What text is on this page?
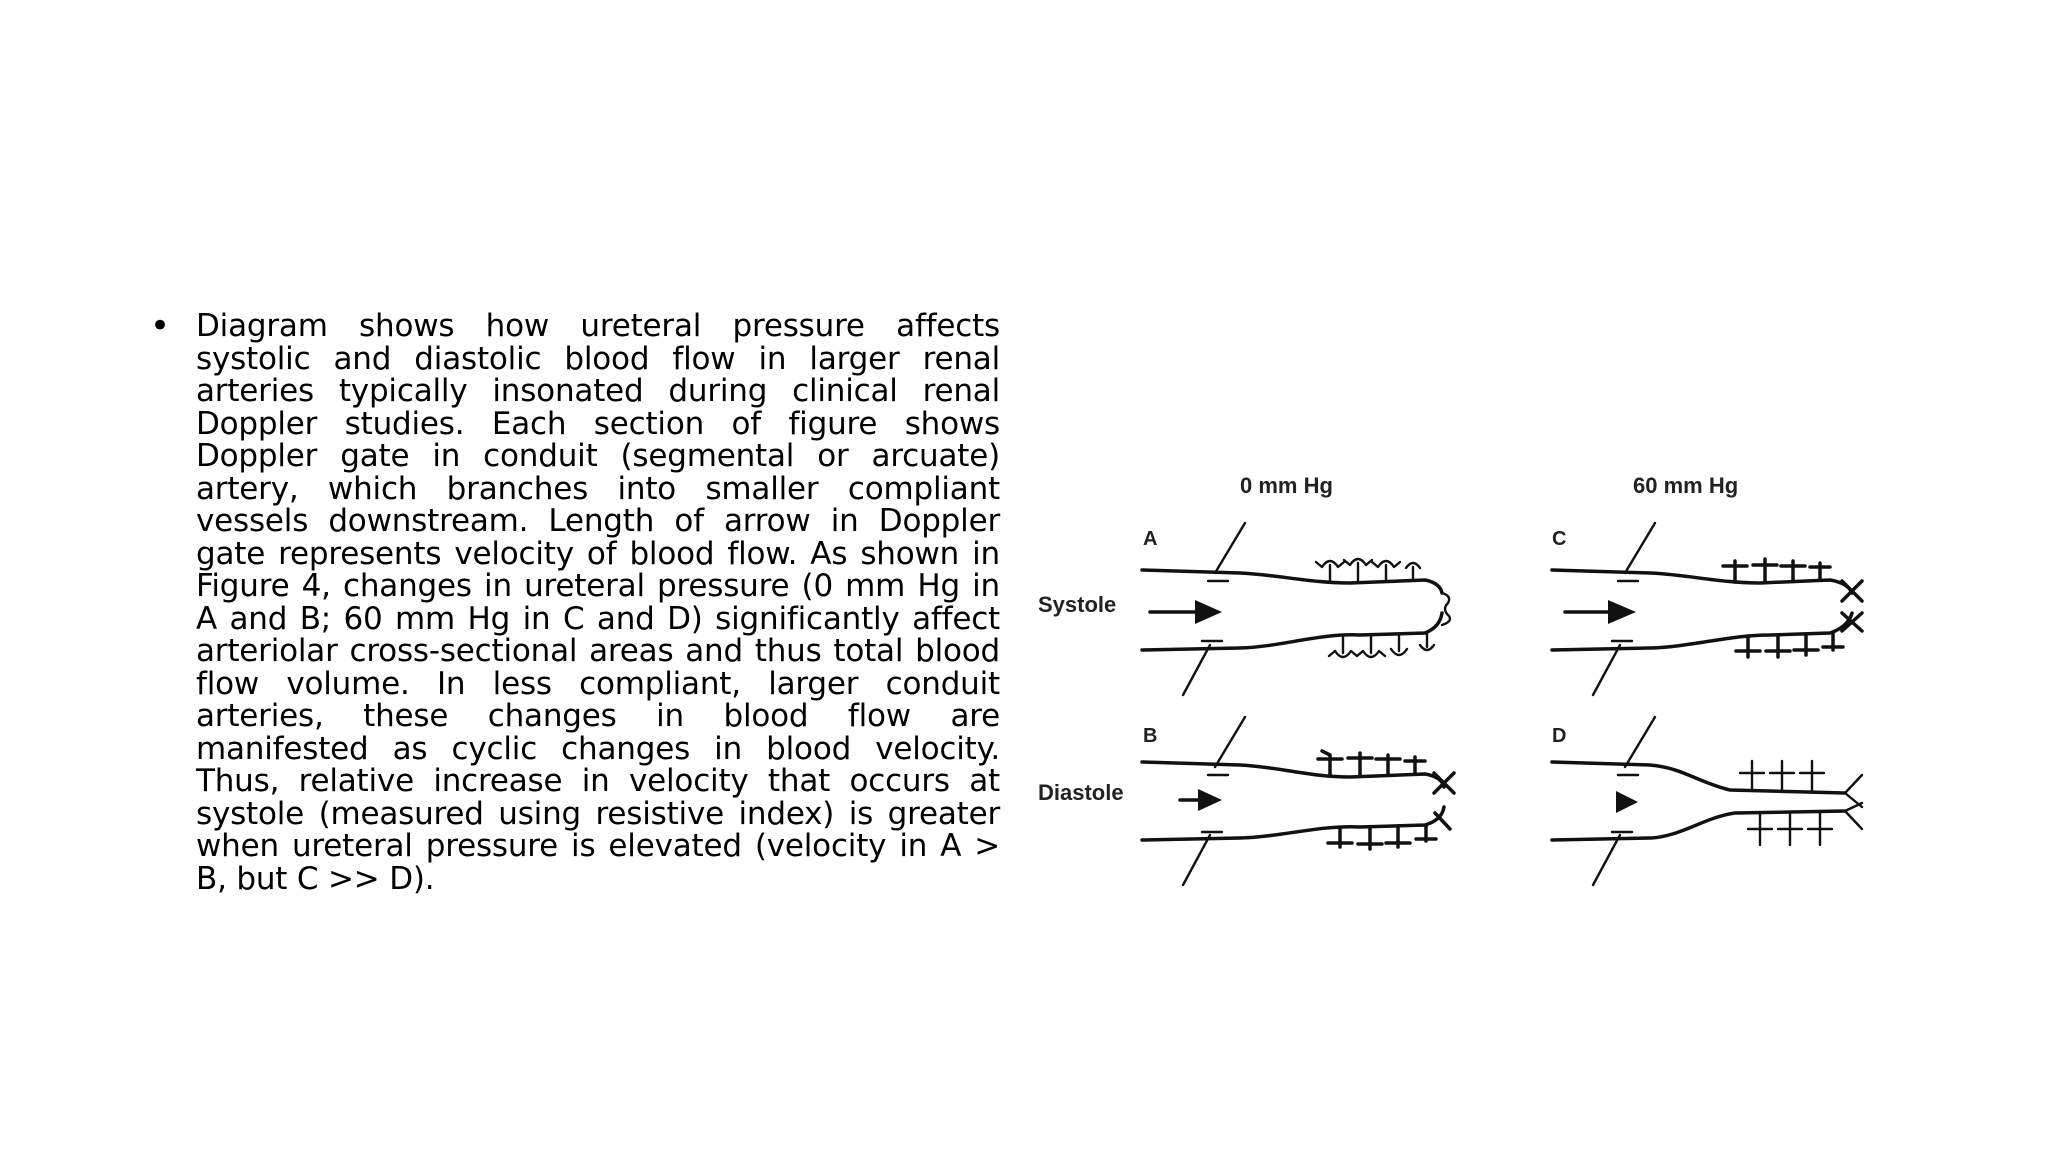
• Diagram shows how ureteral pressure affects systolic and diastolic blood flow in larger renal arteries typically insonated during clinical renal Doppler studies. Each section of figure shows Doppler gate in conduit (segmental or arcuate) artery, which branches into smaller compliant vessels downstream. Length of arrow in Doppler gate represents velocity of blood flow. As shown in Figure 4, changes in ureteral pressure (0 mm Hg in A and B; 60 mm Hg in C and D) significantly affect arteriolar cross-sectional areas and thus total blood flow volume. In less compliant, larger conduit arteries, these changes in blood flow are manifested as cyclic changes in blood velocity. Thus, relative increase in velocity that occurs at systole (measured using resistive index) is greater when ureteral pressure is elevated (velocity in A > B, but C >> D).
0 mm Hg	60 mm Hg
Systole
Diastole
A
B
C
D
